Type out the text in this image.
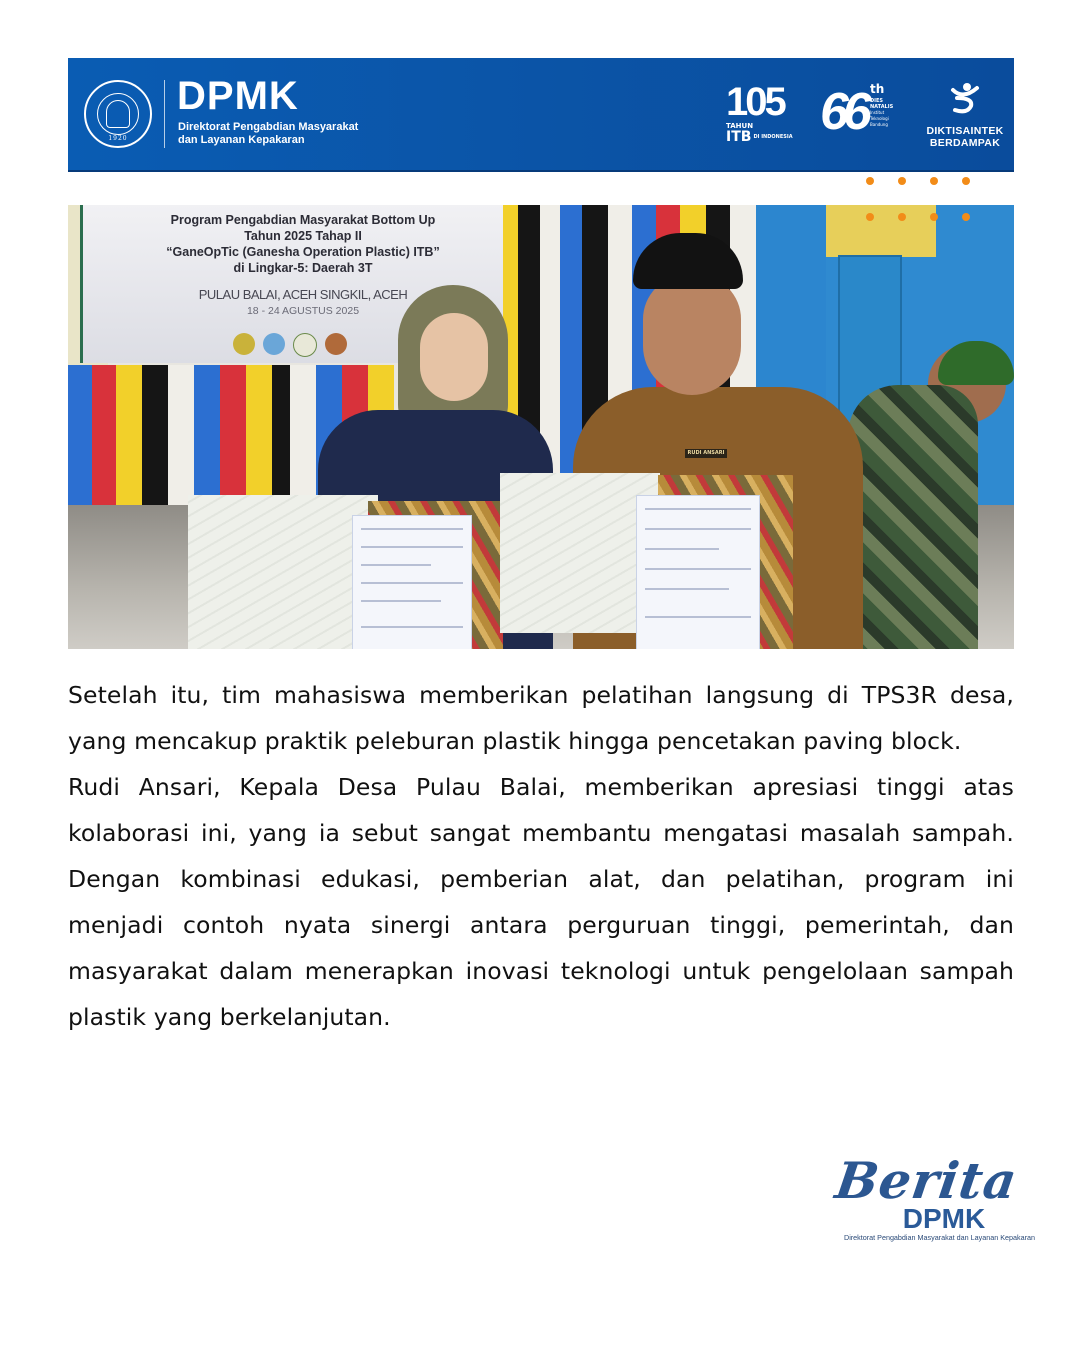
1920
DPMK
Direktorat Pengabdian Masyarakat
dan Layanan Kepakaran
105
TAHUN
ITB DI INDONESIA 66 th
DIES
NATALIS
Institut Teknologi Bandung
DIKTISAINTEK
BERDAMPAK
Program Pengabdian Masyarakat Bottom Up
Tahun 2025 Tahap II
“GaneOpTic (Ganesha Operation Plastic) ITB”
di Lingkar-5: Daerah 3T
PULAU BALAI, ACEH SINGKIL, ACEH
18 - 24 AGUSTUS 2025
RUDI ANSARI

Setelah itu, tim mahasiswa memberikan pelatihan langsung di TPS3R desa, yang mencakup praktik peleburan plastik hingga pencetakan paving block.

Rudi Ansari, Kepala Desa Pulau Balai, memberikan apresiasi tinggi atas kolaborasi ini, yang ia sebut sangat membantu mengatasi masalah sampah. Dengan kombinasi edukasi, pemberian alat, dan pelatihan, program ini menjadi contoh nyata sinergi antara perguruan tinggi, pemerintah, dan masyarakat dalam menerapkan inovasi teknologi untuk pengelolaan sampah plastik yang berkelanjutan.

Berita
DPMK
Direktorat Pengabdian Masyarakat dan Layanan Kepakaran
